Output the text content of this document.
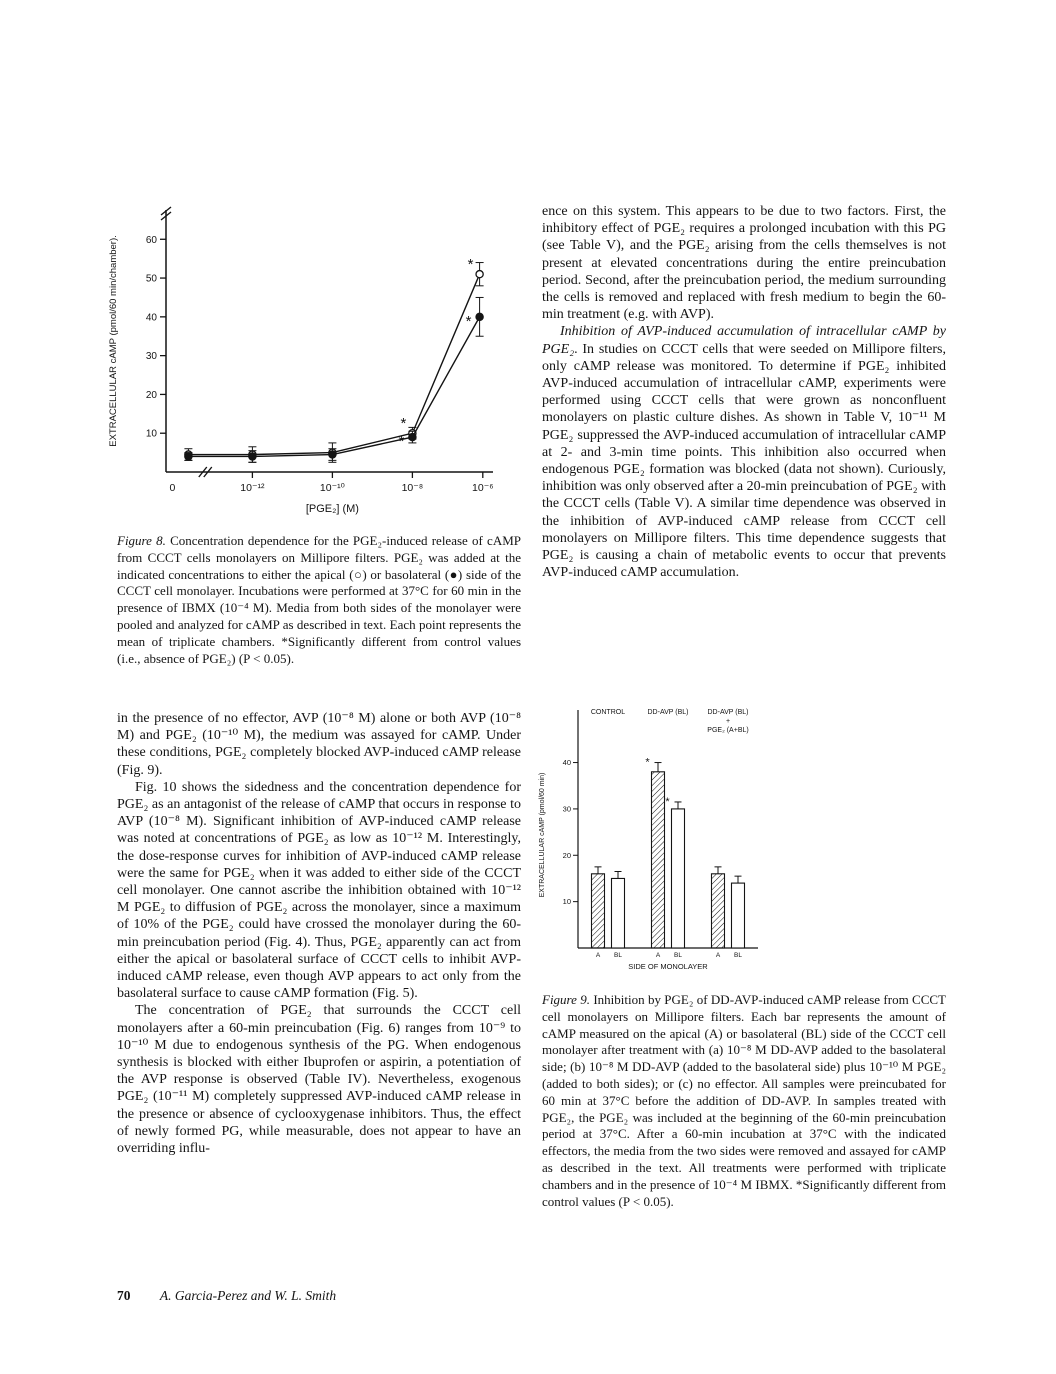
10
20
30
40
50
60
0	10⁻¹²	10⁻¹⁰	10⁻⁸	10⁻⁶
[PGE₂] (M)
EXTRACELLULAR cAMP (pmol/60 min/chamber).	*
*
*
*
Figure 8. Concentration dependence for the PGE₂-induced release of cAMP from CCCT cells monolayers on Millipore filters. PGE₂ was added at the indicated concentrations to either the apical (○) or basolateral (●) side of the CCCT cell monolayer. Incubations were performed at 37°C for 60 min in the presence of IBMX (10⁻⁴ M). Media from both sides of the monolayer were pooled and analyzed for cAMP as described in text. Each point represents the mean of triplicate chambers. *Significantly different from control values (i.e., absence of PGE₂) (P < 0.05).

in the presence of no effector, AVP (10⁻⁸ M) alone or both AVP (10⁻⁸ M) and PGE₂ (10⁻¹⁰ M), the medium was assayed for cAMP. Under these conditions, PGE₂ completely blocked AVP-induced cAMP release (Fig. 9).

Fig. 10 shows the sidedness and the concentration dependence for PGE₂ as an antagonist of the release of cAMP that occurs in response to AVP (10⁻⁸ M). Significant inhibition of AVP-induced cAMP release was noted at concentrations of PGE₂ as low as 10⁻¹² M. Interestingly, the dose-response curves for inhibition of AVP-induced cAMP release were the same for PGE₂ when it was added to either side of the CCCT cell monolayer. One cannot ascribe the inhibition obtained with 10⁻¹² M PGE₂ to diffusion of PGE₂ across the monolayer, since a maximum of 10% of the PGE₂ could have crossed the monolayer during the 60-min preincubation period (Fig. 4). Thus, PGE₂ apparently can act from either the apical or basolateral surface of CCCT cells to inhibit AVP-induced cAMP release, even though AVP appears to act only from the basolateral surface to cause cAMP formation (Fig. 5).

The concentration of PGE₂ that surrounds the CCCT cell monolayers after a 60-min preincubation (Fig. 6) ranges from 10⁻⁹ to 10⁻¹⁰ M due to endogenous synthesis of the PG. When endogenous synthesis is blocked with either Ibuprofen or aspirin, a potentiation of the AVP response is observed (Table IV). Nevertheless, exogenous PGE₂ (10⁻¹¹ M) completely suppressed AVP-induced cAMP release in the presence or absence of cyclooxygenase inhibitors. Thus, the effect of newly formed PG, while measurable, does not appear to have an overriding influ-

ence on this system. This appears to be due to two factors. First, the inhibitory effect of PGE₂ requires a prolonged incubation with this PG (see Table V), and the PGE₂ arising from the cells themselves is not present at elevated concentrations during the entire preincubation period. Second, after the preincubation period, the medium surrounding the cells is removed and replaced with fresh medium to begin the 60-min treatment (e.g. with AVP).

Inhibition of AVP-induced accumulation of intracellular cAMP by PGE₂. In studies on CCCT cells that were seeded on Millipore filters, only cAMP release was monitored. To determine if PGE₂ inhibited AVP-induced accumulation of intracellular cAMP, experiments were performed using CCCT cells that were grown as nonconfluent monolayers on plastic culture dishes. As shown in Table V, 10⁻¹¹ M PGE₂ suppressed the AVP-induced accumulation of intracellular cAMP at 2- and 3-min time points. This inhibition also occurred when endogenous PGE₂ formation was blocked (data not shown). Curiously, inhibition was only observed after a 20-min preincubation of PGE₂ with the CCCT cells (Table V). A similar time dependence was observed in the inhibition of AVP-induced cAMP release from CCCT cell monolayers on Millipore filters. This time dependence suggests that PGE₂ is causing a chain of metabolic events to occur that prevents AVP-induced cAMP accumulation.

10
20
30
40
CONTROL
A BL
DD-AVP (BL)
A
*
BL
*
DD-AVP (BL)
+
PGE₂ (A+BL)
A BL
SIDE OF MONOLAYER
EXTRACELLULAR cAMP (pmol/60 min)
Figure 9. Inhibition by PGE₂ of DD-AVP-induced cAMP release from CCCT cell monolayers on Millipore filters. Each bar represents the amount of cAMP measured on the apical (A) or basolateral (BL) side of the CCCT cell monolayer after treatment with (a) 10⁻⁸ M DD-AVP added to the basolateral side; (b) 10⁻⁸ M DD-AVP (added to the basolateral side) plus 10⁻¹⁰ M PGE₂ (added to both sides); or (c) no effector. All samples were preincubated for 60 min at 37°C before the addition of DD-AVP. In samples treated with PGE₂, the PGE₂ was included at the beginning of the 60-min preincubation period at 37°C. After a 60-min incubation at 37°C with the indicated effectors, the media from the two sides were removed and assayed for cAMP as described in the text. All treatments were performed with triplicate chambers and in the presence of 10⁻⁴ M IBMX. *Significantly different from control values (P < 0.05).
70 A. Garcia-Perez and W. L. Smith
